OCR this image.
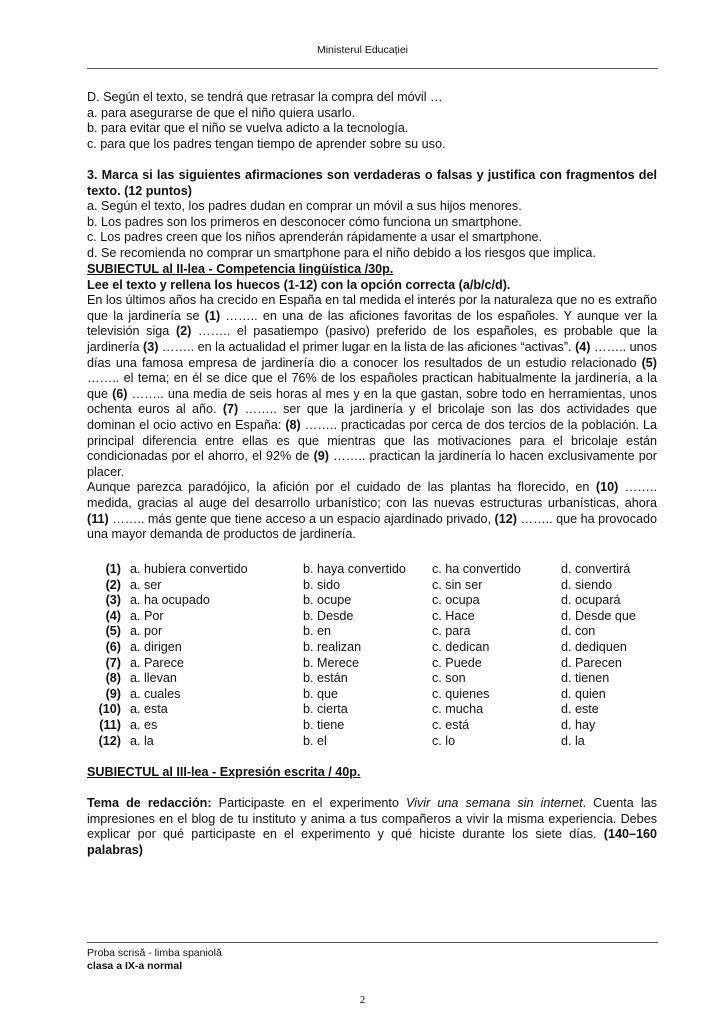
Ministerul Educației

D. Según el texto, se tendrá que retrasar la compra del móvil …

a. para asegurarse de que el niño quiera usarlo.

b. para evitar que el niño se vuelva adicto a la tecnología.

c. para que los padres tengan tiempo de aprender sobre su uso.

3. Marca si las siguientes afirmaciones son verdaderas o falsas y justifica con fragmentos del texto. (12 puntos)

a. Según el texto, los padres dudan en comprar un móvil a sus hijos menores.

b. Los padres son los primeros en desconocer cómo funciona un smartphone.

c. Los padres creen que los niños aprenderán rápidamente a usar el smartphone.

d. Se recomienda no comprar un smartphone para el niño debido a los riesgos que implica.

SUBIECTUL al II-lea - Competencia lingüística /30p.

Lee el texto y rellena los huecos (1-12) con la opción correcta (a/b/c/d).

En los últimos años ha crecido en España en tal medida el interés por la naturaleza que no es extraño que la jardinería se (1) …….. en una de las aficiones favoritas de los españoles. Y aunque ver la televisión siga (2) …….. el pasatiempo (pasivo) preferido de los españoles, es probable que la jardinería (3) …….. en la actualidad el primer lugar en la lista de las aficiones “activas”. (4) …….. unos días una famosa empresa de jardinería dio a conocer los resultados de un estudio relacionado (5) …….. el tema; en él se dice que el 76% de los españoles practican habitualmente la jardinería, a la que (6) …….. una media de seis horas al mes y en la que gastan, sobre todo en herramientas, unos ochenta euros al año. (7) …….. ser que la jardinería y el bricolaje son las dos actividades que dominan el ocio activo en España: (8) …….. practicadas por cerca de dos tercios de la población. La principal diferencia entre ellas es que mientras que las motivaciones para el bricolaje están condicionadas por el ahorro, el 92% de (9) …….. practican la jardinería lo hacen exclusivamente por placer.

Aunque parezca paradójico, la afición por el cuidado de las plantas ha florecido, en (10) …….. medida, gracias al auge del desarrollo urbanístico; con las nuevas estructuras urbanísticas, ahora (11) …….. más gente que tiene acceso a un espacio ajardinado privado, (12) …….. que ha provocado una mayor demanda de productos de jardinería.

(1)	a. hubiera convertido	b. haya convertido	c. ha convertido	d. convertirá
(2)	a. ser	b. sido	c. sin ser	d. siendo
(3)	a. ha ocupado	b. ocupe	c. ocupa	d. ocupará
(4)	a. Por	b. Desde	c. Hace	d. Desde que
(5)	a. por	b. en	c. para	d. con
(6)	a. dirigen	b. realizan	c. dedican	d. dediquen
(7)	a. Parece	b. Merece	c. Puede	d. Parecen
(8)	a. llevan	b. están	c. son	d. tienen
(9)	a. cuales	b. que	c. quienes	d. quien
(10)	a. esta	b. cierta	c. mucha	d. este
(11)	a. es	b. tiene	c. está	d. hay
(12)	a. la	b. el	c. lo	d. la

SUBIECTUL al III-lea - Expresión escrita / 40p.

Tema de redacción: Participaste en el experimento Vivir una semana sin internet. Cuenta las impresiones en el blog de tu instituto y anima a tus compañeros a vivir la misma experiencia. Debes explicar por qué participaste en el experimento y qué hiciste durante los siete días. (140–160 palabras)

Proba scrisă - limba spaniolă
clasa a IX-a normal
2
